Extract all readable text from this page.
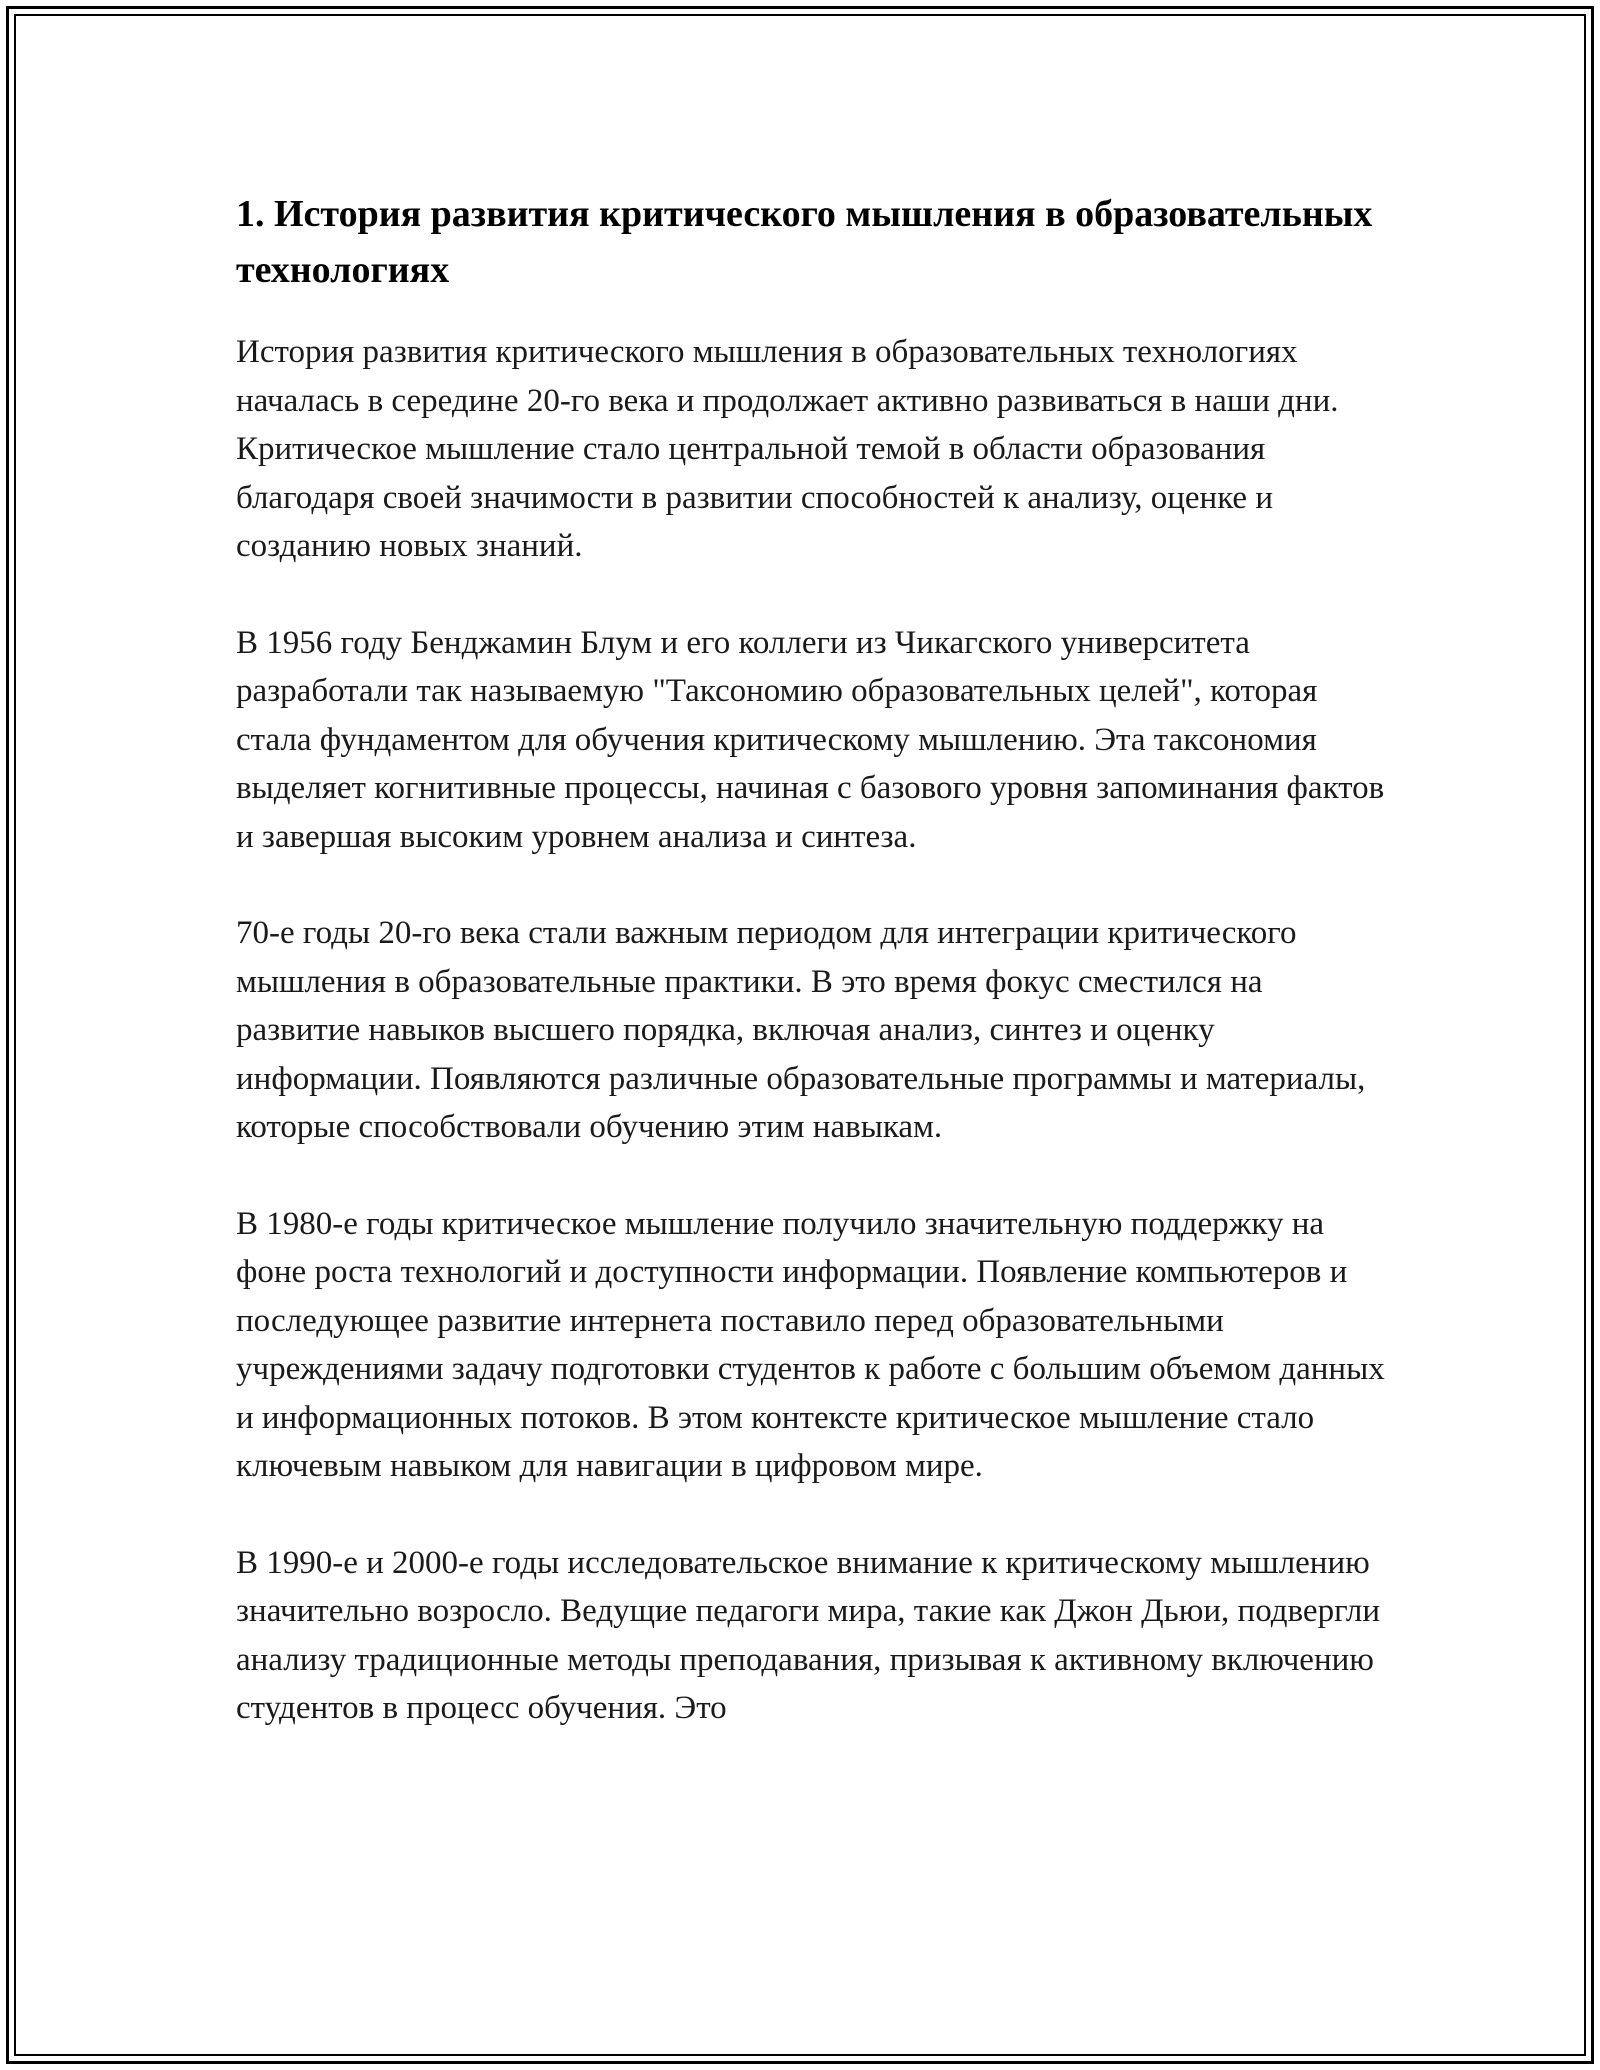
1. История развития критического мышления в образовательных технологиях

История развития критического мышления в образовательных технологиях началась в середине 20-го века и продолжает активно развиваться в наши дни. Критическое мышление стало центральной темой в области образования благодаря своей значимости в развитии способностей к анализу, оценке и созданию новых знаний.

В 1956 году Бенджамин Блум и его коллеги из Чикагского университета разработали так называемую "Таксономию образовательных целей", которая стала фундаментом для обучения критическому мышлению. Эта таксономия выделяет когнитивные процессы, начиная с базового уровня запоминания фактов и завершая высоким уровнем анализа и синтеза.

70-е годы 20-го века стали важным периодом для интеграции критического мышления в образовательные практики. В это время фокус сместился на развитие навыков высшего порядка, включая анализ, синтез и оценку информации. Появляются различные образовательные программы и материалы, которые способствовали обучению этим навыкам.

В 1980-е годы критическое мышление получило значительную поддержку на фоне роста технологий и доступности информации. Появление компьютеров и последующее развитие интернета поставило перед образовательными учреждениями задачу подготовки студентов к работе с большим объемом данных и информационных потоков. В этом контексте критическое мышление стало ключевым навыком для навигации в цифровом мире.

В 1990-е и 2000-е годы исследовательское внимание к критическому мышлению значительно возросло. Ведущие педагоги мира, такие как Джон Дьюи, подвергли анализу традиционные методы преподавания, призывая к активному включению студентов в процесс обучения. Это
